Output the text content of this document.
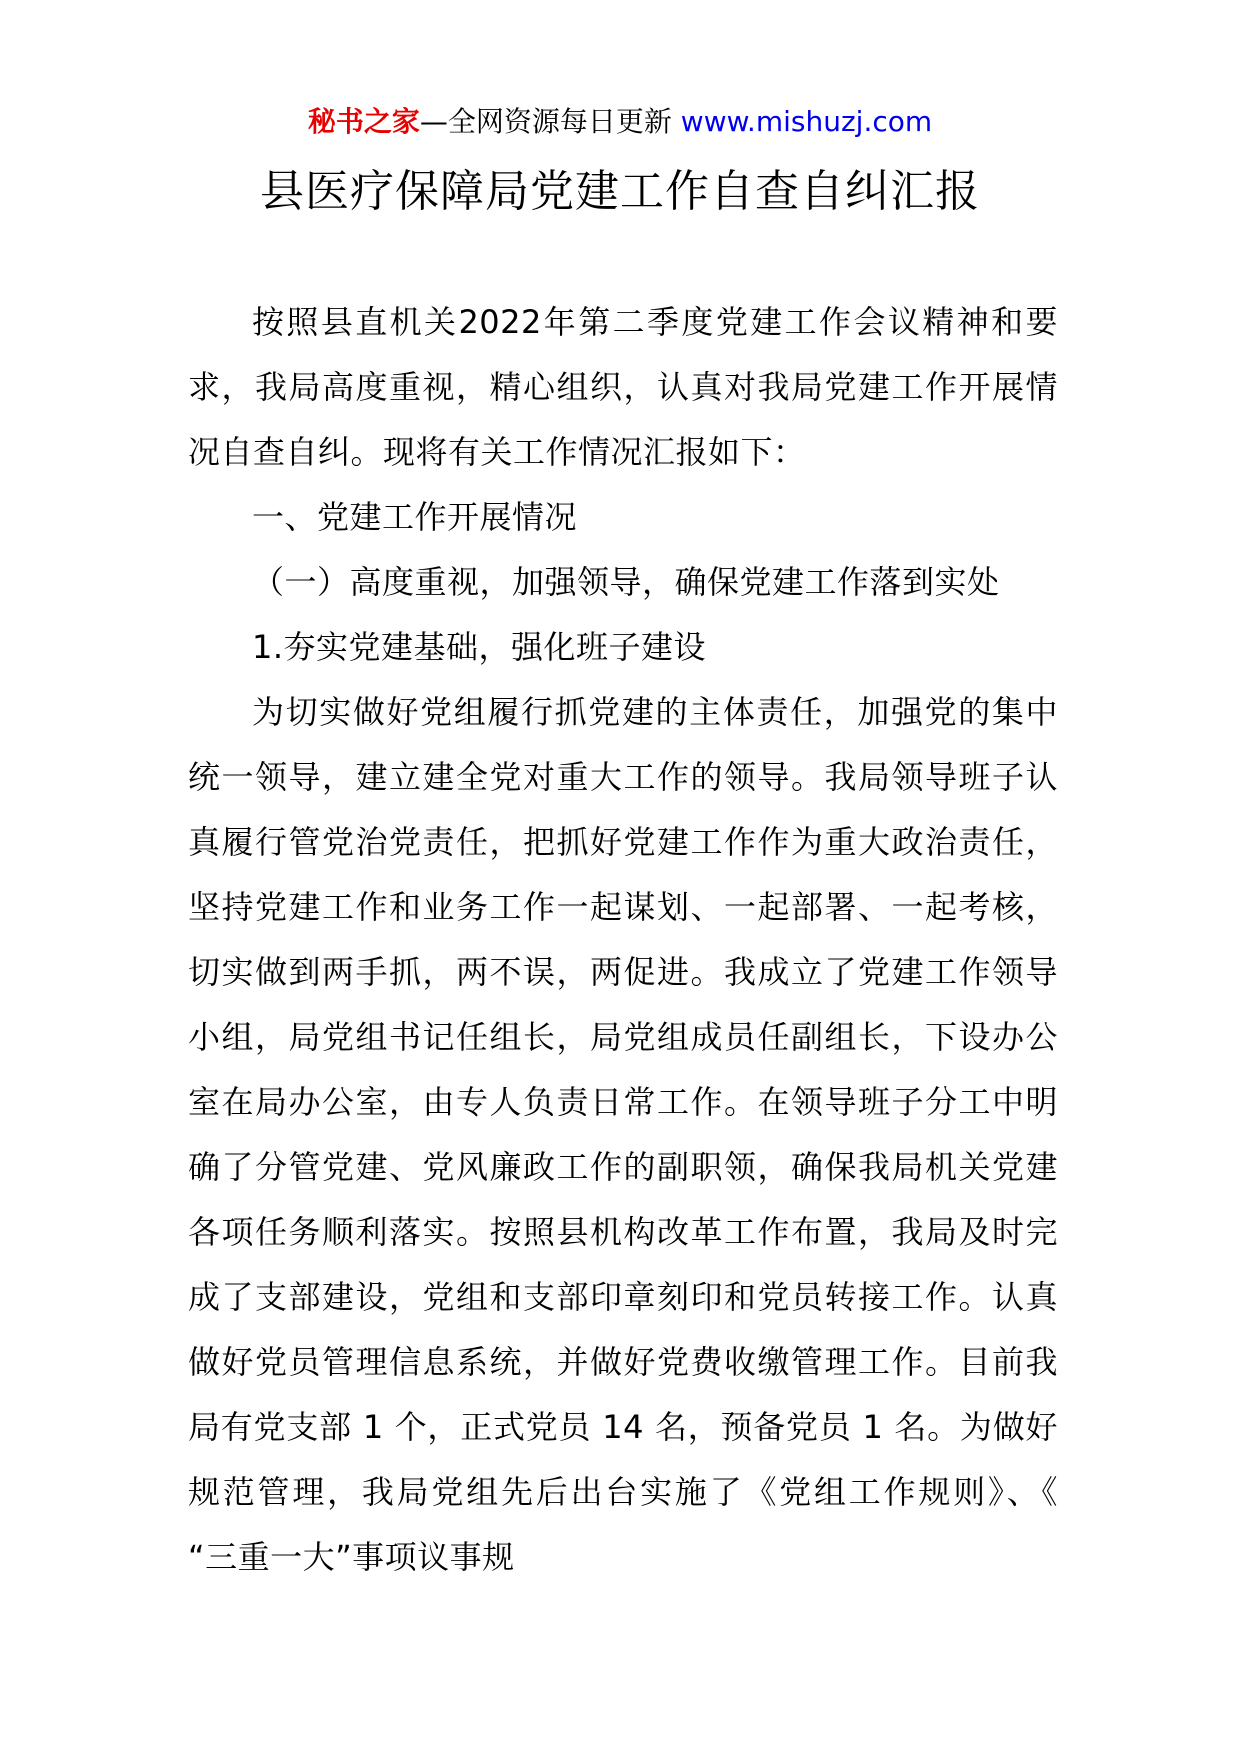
秘书之家—全网资源每日更新 www.mishuzj.com
县医疗保障局党建工作自查自纠汇报

按照县直机关2022年第二季度党建工作会议精神和要求，我局高度重视，精心组织，认真对我局党建工作开展情况自查自纠。现将有关工作情况汇报如下：

一、党建工作开展情况

（一）高度重视，加强领导，确保党建工作落到实处

1.夯实党建基础，强化班子建设

为切实做好党组履行抓党建的主体责任，加强党的集中统一领导，建立建全党对重大工作的领导。我局领导班子认真履行管党治党责任，把抓好党建工作作为重大政治责任，坚持党建工作和业务工作一起谋划、一起部署、一起考核，切实做到两手抓，两不误，两促进。我成立了党建工作领导小组，局党组书记任组长，局党组成员任副组长，下设办公室在局办公室，由专人负责日常工作。在领导班子分工中明确了分管党建、党风廉政工作的副职领，确保我局机关党建各项任务顺利落实。按照县机构改革工作布置，我局及时完成了支部建设，党组和支部印章刻印和党员转接工作。认真做好党员管理信息系统，并做好党费收缴管理工作。目前我局有党支部 1 个，正式党员 14 名，预备党员 1 名。为做好规范管理，我局党组先后出台实施了《党组工作规则》、《 “三重一大”事项议事规
